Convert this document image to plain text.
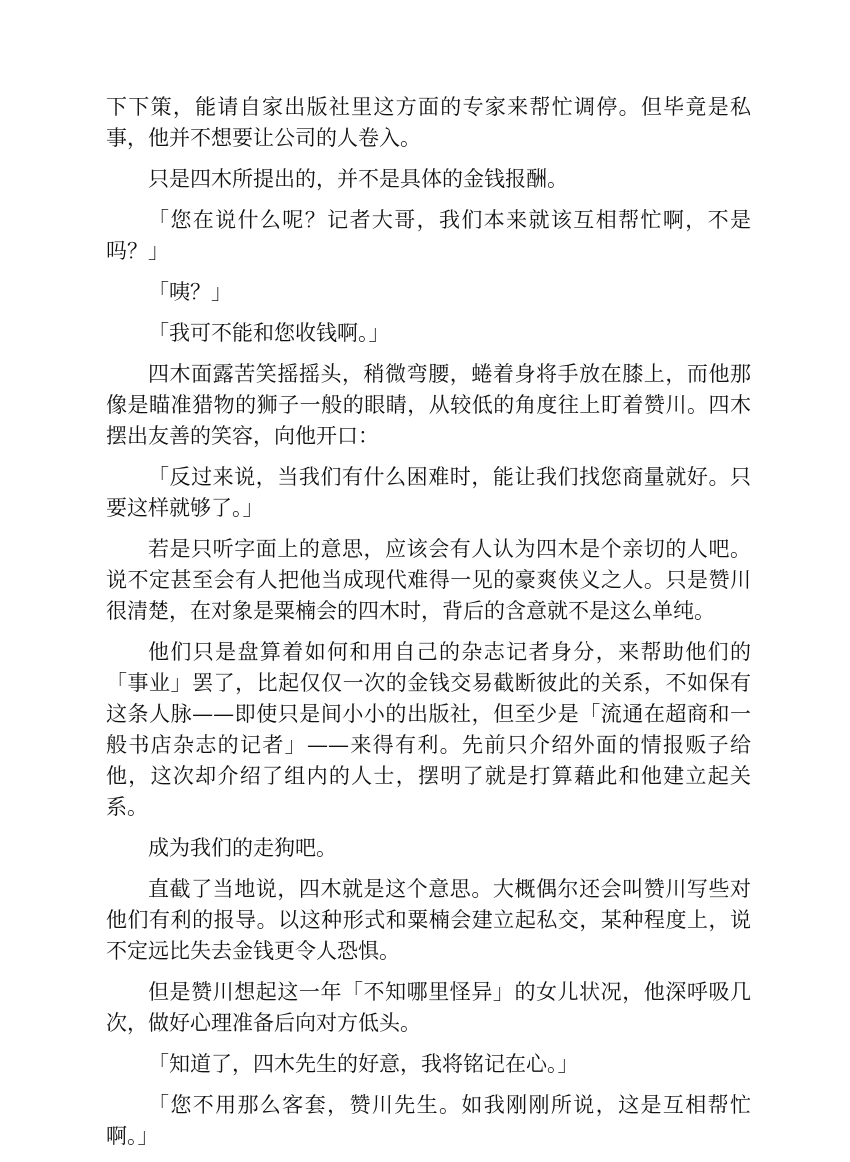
下下策，能请自家出版社里这方面的专家来帮忙调停。但毕竟是私事，他并不想要让公司的人卷入。

只是四木所提出的，并不是具体的金钱报酬。

「您在说什么呢？记者大哥，我们本来就该互相帮忙啊，不是吗？」

「咦？」

「我可不能和您收钱啊。」

四木面露苦笑摇摇头，稍微弯腰，蜷着身将手放在膝上，而他那像是瞄准猎物的狮子一般的眼睛，从较低的角度往上盯着赞川。四木摆出友善的笑容，向他开口：

「反过来说，当我们有什么困难时，能让我们找您商量就好。只要这样就够了。」

若是只听字面上的意思，应该会有人认为四木是个亲切的人吧。说不定甚至会有人把他当成现代难得一见的豪爽侠义之人。只是赞川很清楚，在对象是粟楠会的四木时，背后的含意就不是这么单纯。

他们只是盘算着如何和用自己的杂志记者身分，来帮助他们的「事业」罢了，比起仅仅一次的金钱交易截断彼此的关系，不如保有这条人脉——即使只是间小小的出版社，但至少是「流通在超商和一般书店杂志的记者」——来得有利。先前只介绍外面的情报贩子给他，这次却介绍了组内的人士，摆明了就是打算藉此和他建立起关系。

成为我们的走狗吧。

直截了当地说，四木就是这个意思。大概偶尔还会叫赞川写些对他们有利的报导。以这种形式和粟楠会建立起私交，某种程度上，说不定远比失去金钱更令人恐惧。

但是赞川想起这一年「不知哪里怪异」的女儿状况，他深呼吸几次，做好心理准备后向对方低头。

「知道了，四木先生的好意，我将铭记在心。」

「您不用那么客套，赞川先生。如我刚刚所说，这是互相帮忙啊。」
